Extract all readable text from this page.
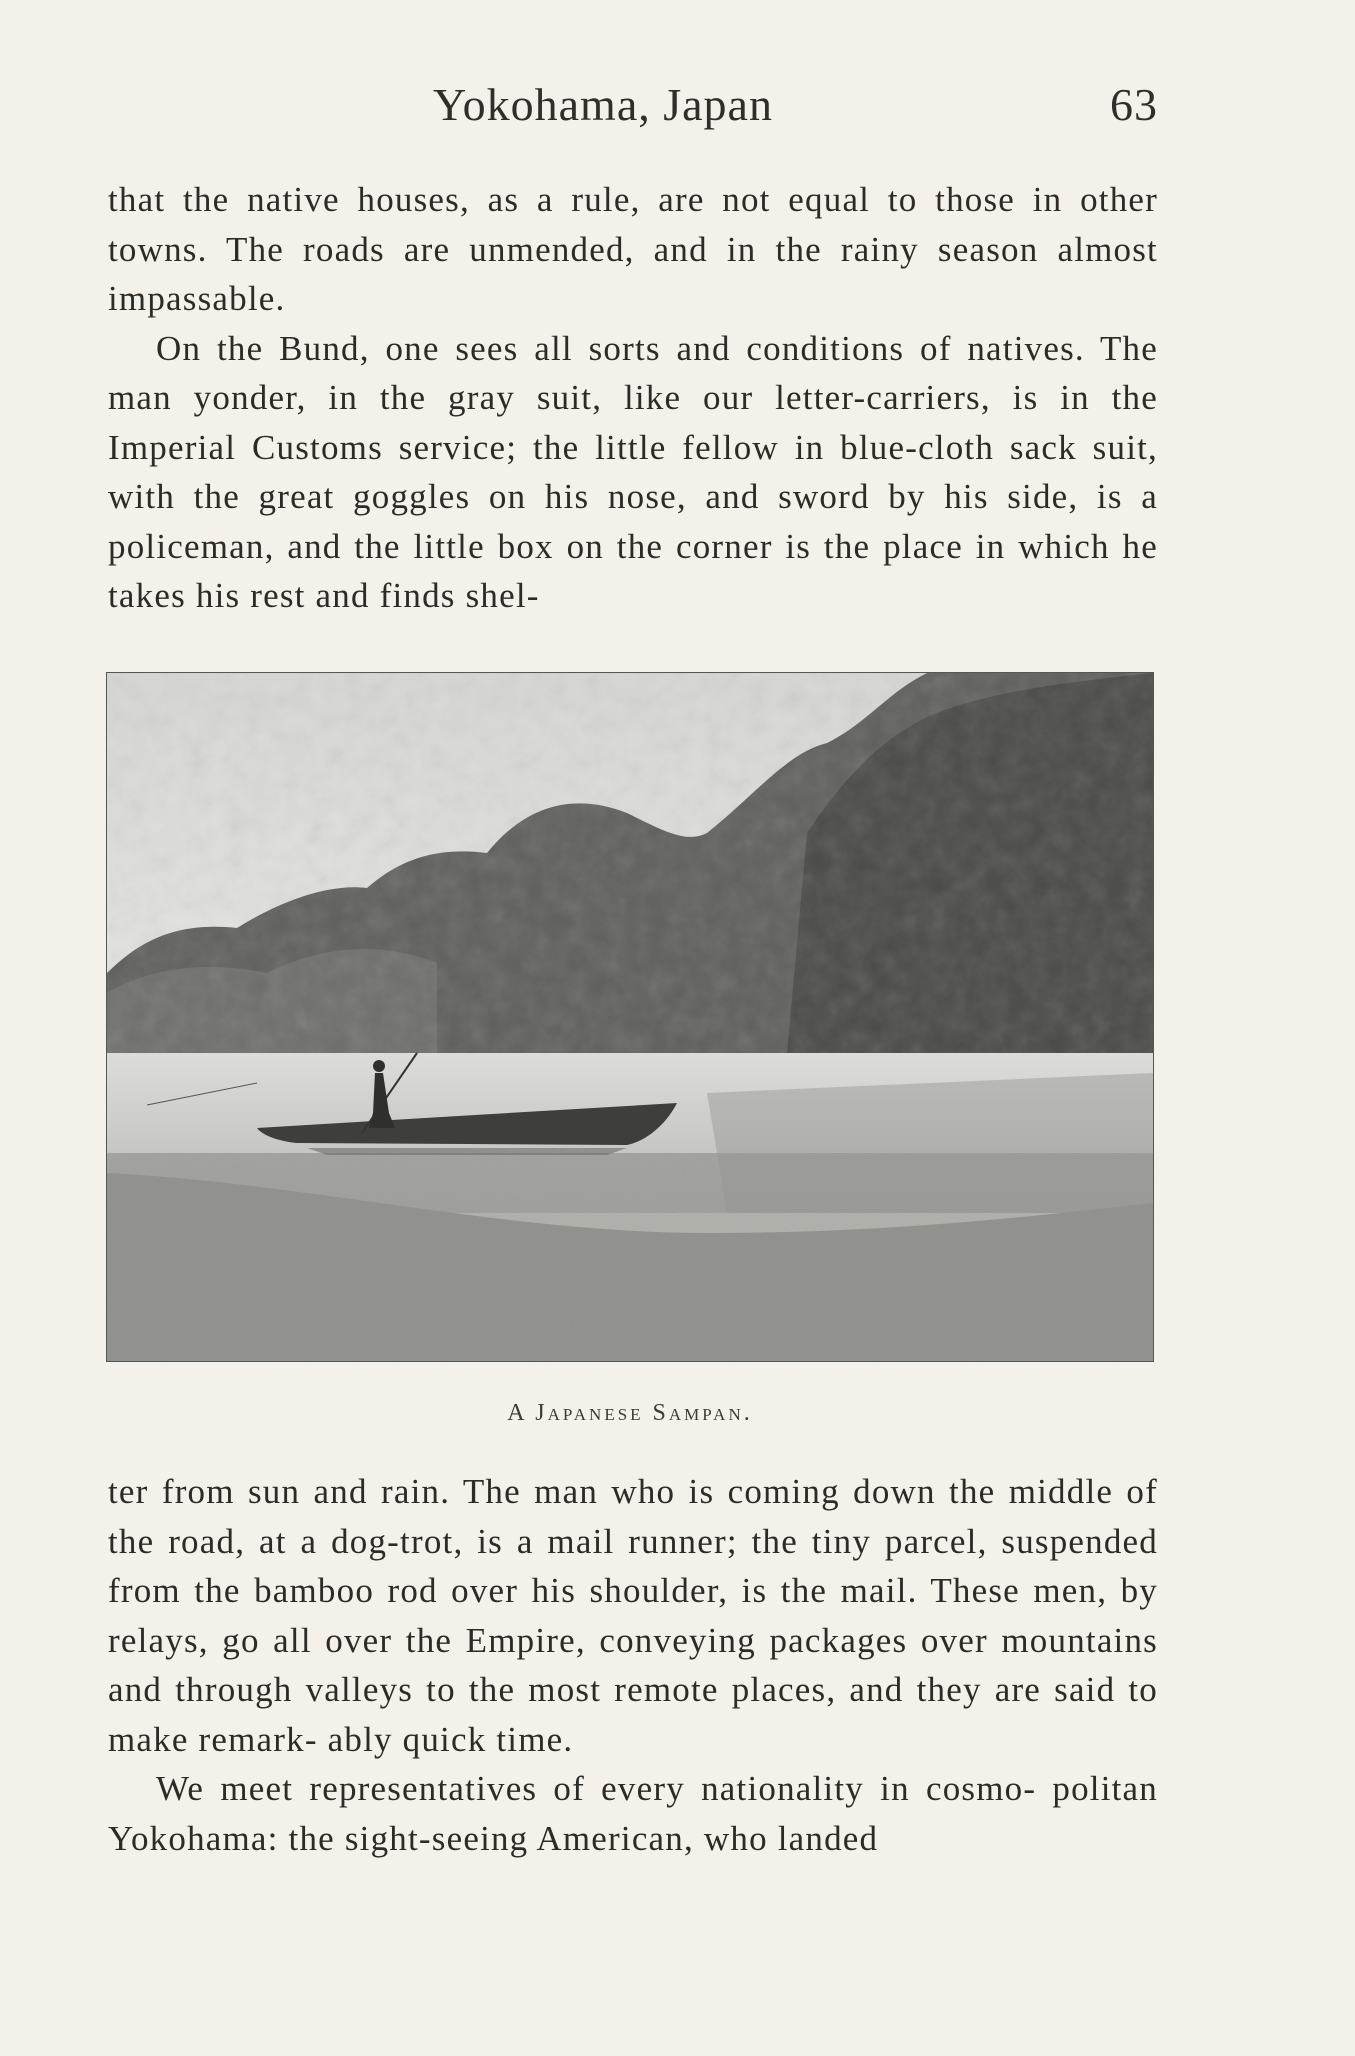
Yokohama, Japan	63

that the native houses, as a rule, are not equal to those in other towns. The roads are unmended, and in the rainy season almost impassable.

On the Bund, one sees all sorts and conditions of natives. The man yonder, in the gray suit, like our letter-carriers, is in the Imperial Customs service; the little fellow in blue-cloth sack suit, with the great goggles on his nose, and sword by his side, is a policeman, and the little box on the corner is the place in which he takes his rest and finds shel-

A Japanese Sampan.

ter from sun and rain. The man who is coming down the middle of the road, at a dog-trot, is a mail runner; the tiny parcel, suspended from the bamboo rod over his shoulder, is the mail. These men, by relays, go all over the Empire, conveying packages over mountains and through valleys to the most remote places, and they are said to make remark- ably quick time.

We meet representatives of every nationality in cosmo- politan Yokohama: the sight-seeing American, who landed
